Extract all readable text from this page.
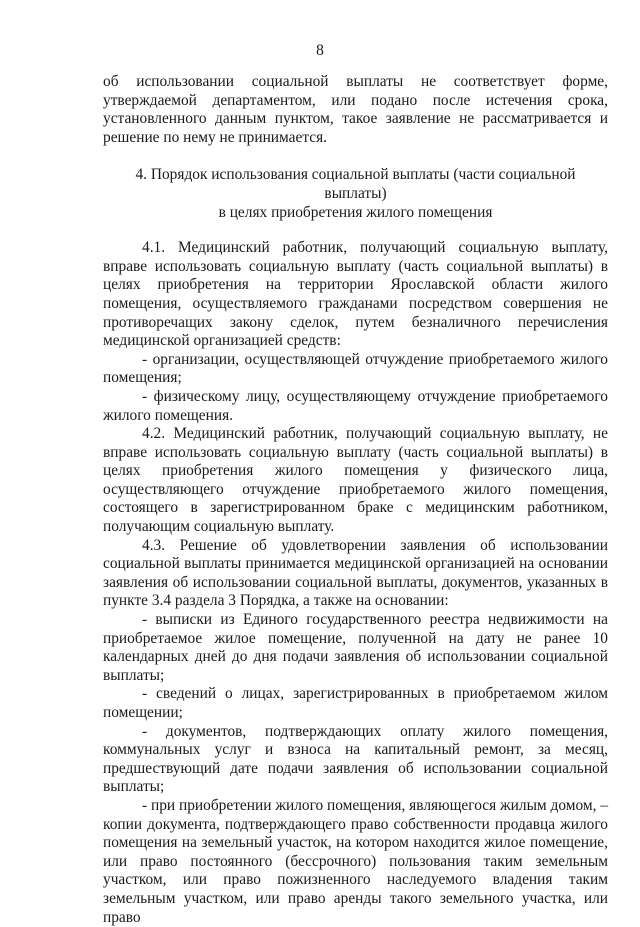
8

об использовании социальной выплаты не соответствует форме, утверждаемой департаментом, или подано после истечения срока, установленного данным пунктом, такое заявление не рассматривается и решение по нему не принимается.

4. Порядок использования социальной выплаты (части социальной выплаты)
в целях приобретения жилого помещения

4.1. Медицинский работник, получающий социальную выплату, вправе использовать социальную выплату (часть социальной выплаты) в целях приобретения на территории Ярославской области жилого помещения, осуществляемого гражданами посредством совершения не противоречащих закону сделок, путем безналичного перечисления медицинской организацией средств:

- организации, осуществляющей отчуждение приобретаемого жилого помещения;

- физическому лицу, осуществляющему отчуждение приобретаемого жилого помещения.

4.2. Медицинский работник, получающий социальную выплату, не вправе использовать социальную выплату (часть социальной выплаты) в целях приобретения жилого помещения у физического лица, осуществляющего отчуждение приобретаемого жилого помещения, состоящего в зарегистрированном браке с медицинским работником, получающим социальную выплату.

4.3. Решение об удовлетворении заявления об использовании социальной выплаты принимается медицинской организацией на основании заявления об использовании социальной выплаты, документов, указанных в пункте 3.4 раздела 3 Порядка, а также на основании:

- выписки из Единого государственного реестра недвижимости на приобретаемое жилое помещение, полученной на дату не ранее 10 календарных дней до дня подачи заявления об использовании социальной выплаты;

- сведений о лицах, зарегистрированных в приобретаемом жилом помещении;

- документов, подтверждающих оплату жилого помещения, коммунальных услуг и взноса на капитальный ремонт, за месяц, предшествующий дате подачи заявления об использовании социальной выплаты;

- при приобретении жилого помещения, являющегося жилым домом, – копии документа, подтверждающего право собственности продавца жилого помещения на земельный участок, на котором находится жилое помещение, или право постоянного (бессрочного) пользования таким земельным участком, или право пожизненного наследуемого владения таким земельным участком, или право аренды такого земельного участка, или право
